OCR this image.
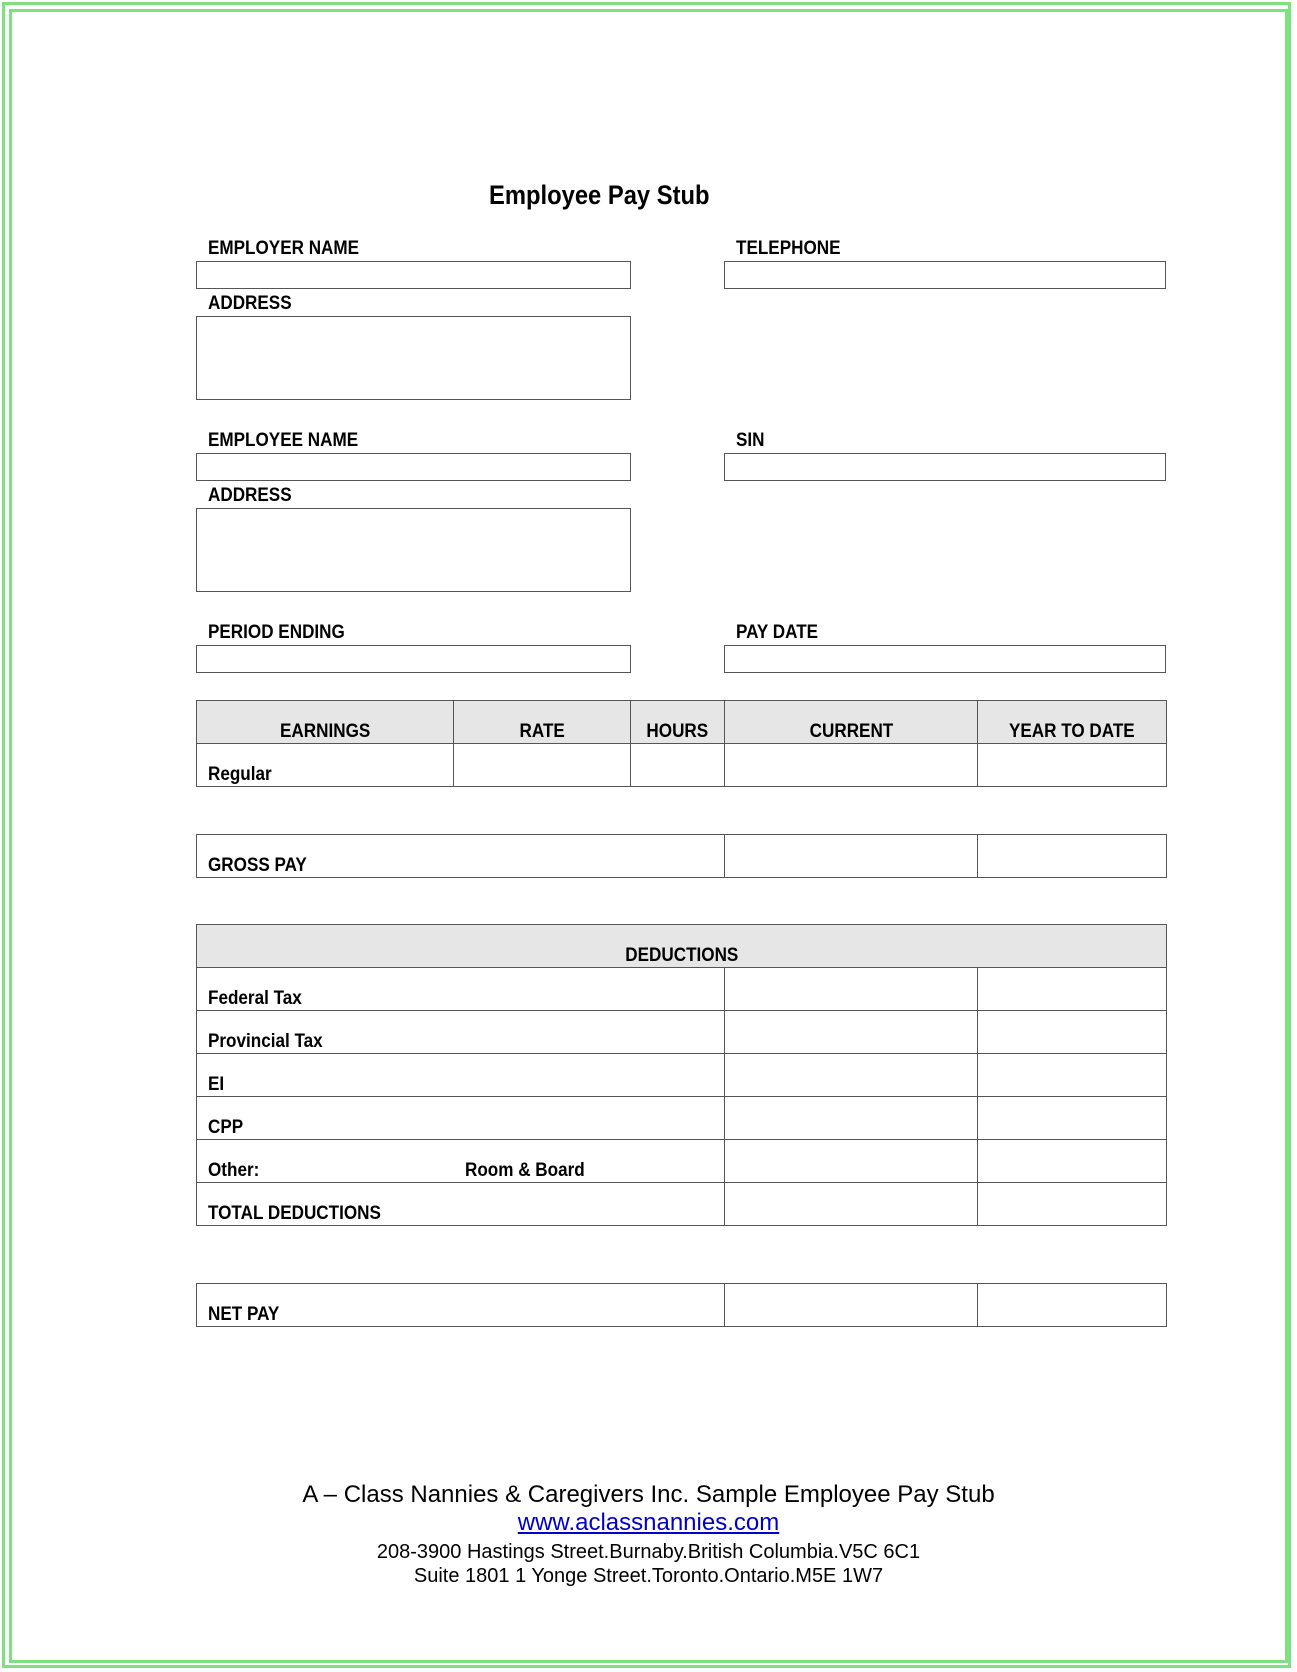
Employee Pay Stub
EMPLOYER NAME	TELEPHONE
ADDRESS
EMPLOYEE NAME	SIN
ADDRESS
PERIOD ENDING	PAY DATE
EARNINGS	RATE	HOURS	CURRENT	YEAR TO DATE
Regular				
GROSS PAY		
DEDUCTIONS		
Federal Tax		
Provincial Tax		
EI		
CPP		
Other: Room & Board		

TOTAL DEDUCTIONS		
NET PAY		
A – Class Nannies & Caregivers Inc. Sample Employee Pay Stub
www.aclassnannies.com
208-3900 Hastings Street.Burnaby.British Columbia.V5C 6C1
Suite 1801 1 Yonge Street.Toronto.Ontario.M5E 1W7
